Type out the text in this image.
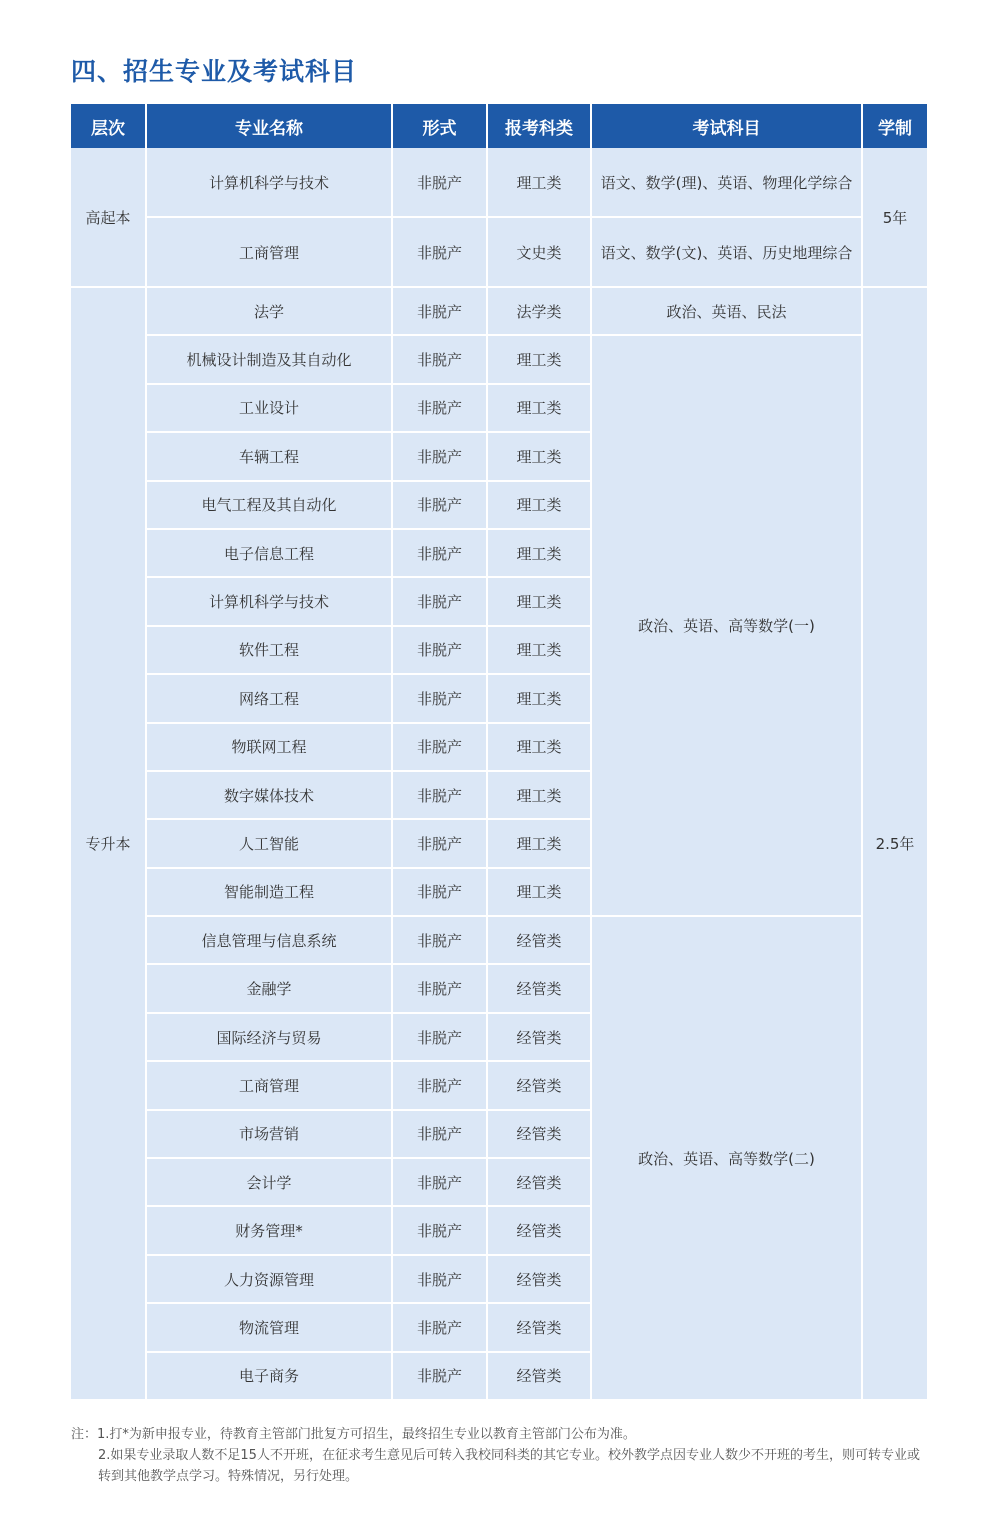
四、招生专业及考试科目
层次	专业名称	形式	报考科类	考试科目	学制
高起本	计算机科学与技术	非脱产	理工类	语文、数学(理)、英语、物理化学综合	5年
	工商管理	非脱产	文史类	语文、数学(文)、英语、历史地理综合	
专升本	法学	非脱产	法学类	政治、英语、民法	2.5年
	机械设计制造及其自动化	非脱产	理工类	政治、英语、高等数学(一)	
	工业设计	非脱产	理工类		
	车辆工程	非脱产	理工类		
	电气工程及其自动化	非脱产	理工类		
	电子信息工程	非脱产	理工类		
	计算机科学与技术	非脱产	理工类		
	软件工程	非脱产	理工类		
	网络工程	非脱产	理工类		
	物联网工程	非脱产	理工类		
	数字媒体技术	非脱产	理工类		
	人工智能	非脱产	理工类		
	智能制造工程	非脱产	理工类		
	信息管理与信息系统	非脱产	经管类	政治、英语、高等数学(二)	
	金融学	非脱产	经管类		
	国际经济与贸易	非脱产	经管类		
	工商管理	非脱产	经管类		
	市场营销	非脱产	经管类		
	会计学	非脱产	经管类		
	财务管理*	非脱产	经管类		
	人力资源管理	非脱产	经管类		
	物流管理	非脱产	经管类		
	电子商务	非脱产	经管类		
注：1.打*为新申报专业，待教育主管部门批复方可招生，最终招生专业以教育主管部门公布为准。
2.如果专业录取人数不足15人不开班，在征求考生意见后可转入我校同科类的其它专业。校外教学点因专业人数少不开班的考生，则可转专业或转到其他教学点学习。特殊情况，另行处理。
